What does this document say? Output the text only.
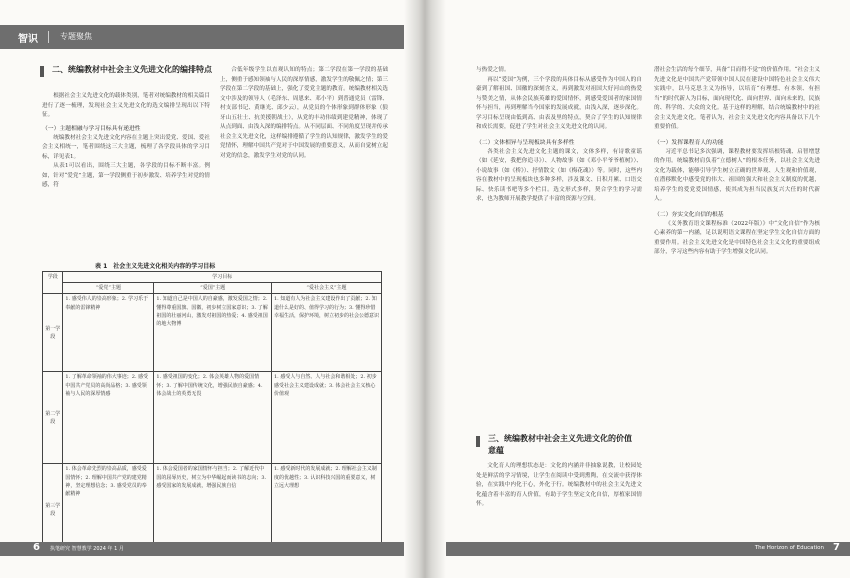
智识	专题聚焦
二、统编教材中社会主义先进文化的编排特点

根据社会主义先进文化的载体类别，笔者对统编教材的相关篇目进行了逐一梳理，发现社会主义先进文化的选文编排呈现出以下特征。

（一）主题相融与学习目标具有递进性

统编教材社会主义先进文化内容在主题上突出爱党、爱国、爱社会主义相统一，笔者围绕这三大主题，梳理了各学段具体的学习目标，详见表1。

从表1可以看出，围绕三大主题，各学段的目标不断丰富。例如，针对“爱党”主题，第一学段侧重于初步激发、培养学生对党的情感，符

合低年级学生以直观认知的特点；第二学段在第一学段的基础上，侧重于感知领袖与人民的深厚情感，激发学生的敬佩之情；第三学段在第二学段的基础上，强化了爱党主题的教育。统编教材相关选文中涉及的领导人（毛泽东、周恩来、邓小平）到普通党员（雷锋、村支部书记、黄继光、邱少云），从党员的个体形象到群体形象（狼牙山五壮士、抗美援朝战士），从党的丰功伟绩到建党精神，体现了从点到面、由浅入深的编排特点。从不同层面、不同角度呈现并传承社会主义先进文化，这样编排遵循了学生的认知规律，激发学生的爱党情怀，理解中国共产党对于中国发展的重要意义，从而自觉树立起对党的信念，激发学生对党的认同。

表 1　社会主义先进文化相关内容的学习目标
学段	学习目标		
	“爱党”主题	“爱国”主题	“爱社会主义”主题
第一学段	1. 感受伟人的崇高形象；2. 学习乐于奉献的雷锋精神	1. 知道自己是中国人的自豪感，激发爱国之情；2. 懂得尊重国旗、国徽，初步树立国家意识；3. 了解祖国的壮丽河山，激发对祖国的热爱；4. 感受祖国的地大物博	1. 知道有人为社会主义建设作出了贡献；2. 知道什么是好的、值得学习的行为；3. 懂得珍惜幸福生活，保护环境，树立初步的社会公德意识
第二学段	1. 了解革命领袖的伟大事迹；2. 感受中国共产党员的高尚品格；3. 感受领袖与人民的深厚情感	1. 感受祖国的变化；2. 体会英雄人物的爱国情怀；3. 了解中国传统文化，增强民族自豪感；4. 体会战士的英勇无畏	1. 感受人与自然、人与社会和谐相处；2. 初步感受社会主义建设成就；3. 体会社会主义核心价值观
第三学段	1. 体会革命先烈的崇高品质，感受爱国情怀；2. 理解中国共产党的建党精神，坚定理想信念；3. 感受党员的奉献精神	1. 体会爱国者的家国情怀与担当；2. 了解近代中国的屈辱历史，树立为中华崛起而读书的志向；3. 感受国家的发展成就，增强民族自信	1. 感受新时代的发展成就；2. 理解社会主义制度的优越性；3. 认识科技兴国的重要意义，树立远大理想
6 执笔研究 智慧教学 2024 年 1 月

与热爱之情。

再以“爱国”为例，三个学段的具体目标从感受作为中国人的自豪到了解祖国、国徽的深刻含义，再到激发对祖国大好河山的热爱与赞美之情，从体会民族英雄的爱国情怀，到感受爱国者的家国情怀与担当，再到理解当今国家的发展成就，由浅入深，逐步深化。学习目标呈现由低到高、由表及里的特点，契合了学生的认知规律和成长需要，促进了学生对社会主义先进文化的认同。

（二）文体相异与呈现板块具有多样性

各类社会主义先进文化主题的课文，文体多样，有诗歌童谣（如《延安，我把你追寻》）、人物故事（如《邓小平爷爷植树》）、小说故事（如《桥》）、抒情散文（如《梅花魂》）等。同时，这些内容在教材中的呈现板块也多种多样，涉及课文、日积月累、口语交际、快乐读书吧等多个栏目。选文形式多样，契合学生的学习需求，也为教师开展教学提供了丰富的资源与空间。

三、统编教材中社会主义先进文化的价值意蕴

文化育人的理想状态是：文化的内涵并非抽象说教，让校园处处是鲜活的学习情境，让学生在阅读中受到熏陶，在交流中获得体验，在实践中内化于心，外化于行。统编教材中的社会主义先进文化蕴含着丰富的育人价值，有助于学生坚定文化自信，厚植家国情怀。

潜社会生活的每个细节，具备“目而得不觉”的价值作用。“社会主义先进文化是中国共产党带领中国人民在建设中国特色社会主义伟大实践中，以马克思主义为指导，以培育“有理想、有本领、有担当”的时代新人为目标，面向现代化、面向世界、面向未来的，民族的、科学的、大众的文化。基于这样的理解，结合统编教材中的社会主义先进文化，笔者认为，社会主义先进文化内容具备以下几个重要价值。

（一）发挥课程育人的功能

习近平总书记多次强调，课程教材要发挥培根铸魂、启智增慧的作用。统编教材肩负着“立德树人”的根本任务，以社会主义先进文化为载体，能够引导学生树立正确的世界观、人生观和价值观，在潜移默化中感受党的伟大、祖国的强大和社会主义制度的优越，培养学生的爱党爱国情感，使其成为担当民族复兴大任的时代新人。

（二）夯实文化自信的根基

《义务教育语文课程标准（2022年版）》中“文化自信”作为核心素养的第一内涵，足以说明语文课程在坚定学生文化自信方面的重要作用。社会主义先进文化是中国特色社会主义文化的重要组成部分，学习这些内容有助于学生增强文化认同。

The Horizon of Education 7
